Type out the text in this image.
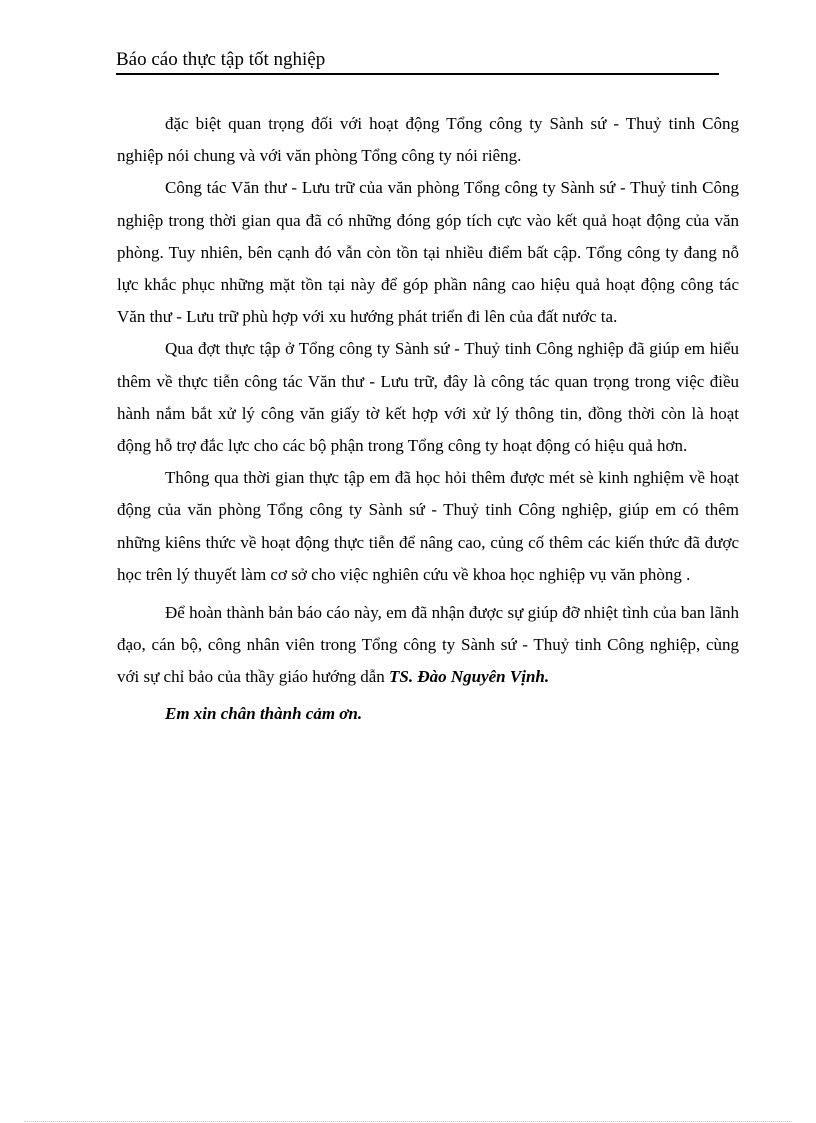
Báo cáo thực tập tốt nghiệp

đặc biệt quan trọng đối với hoạt động Tổng công ty Sành sứ - Thuỷ tinh Công nghiệp nói chung và với văn phòng Tổng công ty nói riêng.

Công tác Văn thư - Lưu trữ của văn phòng Tổng công ty Sành sứ - Thuỷ tinh Công nghiệp trong thời gian qua đã có những đóng góp tích cực vào kết quả hoạt động của văn phòng. Tuy nhiên, bên cạnh đó vẫn còn tồn tại nhiều điểm bất cập. Tổng công ty đang nỗ lực khắc phục những mặt tồn tại này để góp phần nâng cao hiệu quả hoạt động công tác Văn thư - Lưu trữ phù hợp với xu hướng phát triển đi lên của đất nước ta.

Qua đợt thực tập ở Tổng công ty Sành sứ - Thuỷ tinh Công nghiệp đã giúp em hiểu thêm về thực tiễn công tác Văn thư - Lưu trữ, đây là công tác quan trọng trong việc điều hành nắm bắt xử lý công văn giấy tờ kết hợp với xử lý thông tin, đồng thời còn là hoạt động hỗ trợ đắc lực cho các bộ phận trong Tổng công ty hoạt động có hiệu quả hơn.

Thông qua thời gian thực tập em đã học hỏi thêm được mét sè kinh nghiệm về hoạt động của văn phòng Tổng công ty Sành sứ - Thuỷ tinh Công nghiệp, giúp em có thêm những kiêns thức về hoạt động thực tiễn để nâng cao, củng cố thêm các kiến thức đã được học trên lý thuyết làm cơ sở cho việc nghiên cứu về khoa học nghiệp vụ văn phòng .

Để hoàn thành bản báo cáo này, em đã nhận được sự giúp đỡ nhiệt tình của ban lãnh đạo, cán bộ, công nhân viên trong Tổng công ty Sành sứ - Thuỷ tinh Công nghiệp, cùng với sự chỉ bảo của thầy giáo hướng dẫn TS. Đào Nguyên Vịnh.

Em xin chân thành cảm ơn.
